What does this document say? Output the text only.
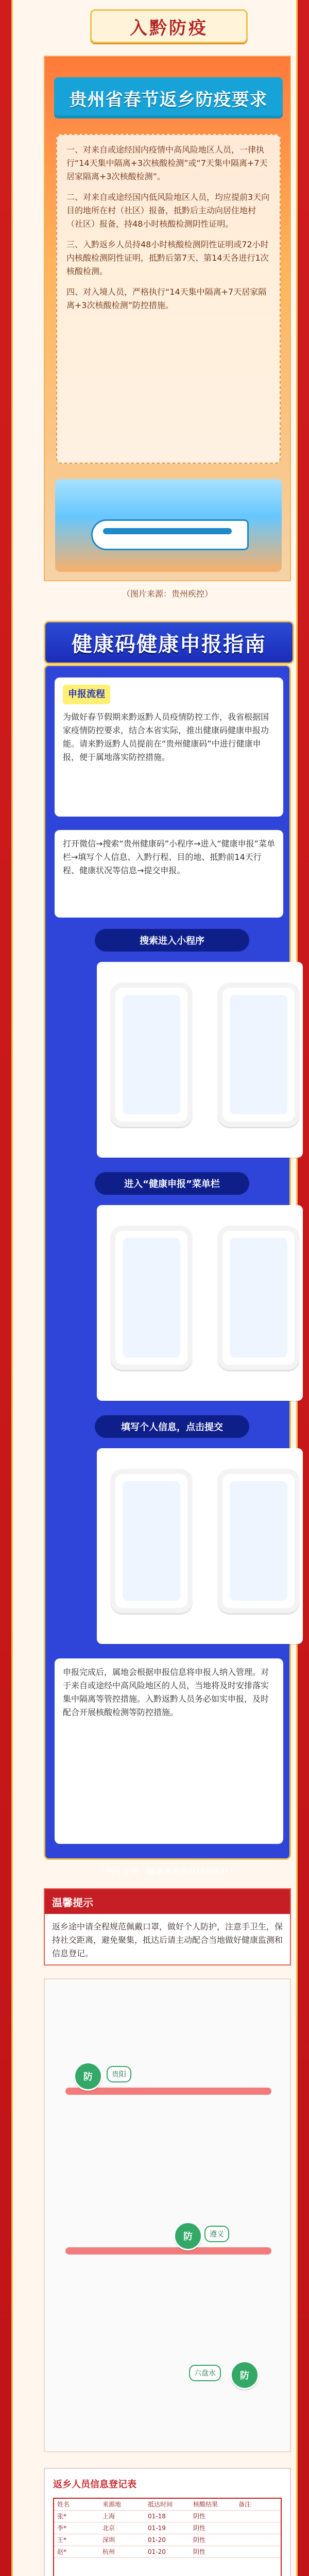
入黔防疫
贵州省春节返乡防疫要求

一、对来自或途经国内疫情中高风险地区人员，一律执行“14天集中隔离+3次核酸检测”或“7天集中隔离+7天居家隔离+3次核酸检测”。

二、对来自或途经国内低风险地区人员，均应提前3天向目的地所在村（社区）报备，抵黔后主动向居住地村（社区）报备，持48小时核酸检测阴性证明。

三、入黔返乡人员持48小时核酸检测阴性证明或72小时内核酸检测阴性证明，抵黔后第7天、第14天各进行1次核酸检测。

四、对入境人员，严格执行“14天集中隔离+7天居家隔离+3次核酸检测”防控措施。

（图片来源：贵州疾控）
健康码健康申报指南
申报流程
为做好春节假期来黔返黔人员疫情防控工作，我省根据国家疫情防控要求，结合本省实际，推出健康码健康申报功能。请来黔返黔人员提前在“贵州健康码”中进行健康申报，便于属地落实防控措施。
打开微信→搜索“贵州健康码”小程序→进入“健康申报”菜单栏→填写个人信息、入黔行程、目的地、抵黔前14天行程、健康状况等信息→提交申报。
搜索进入小程序
进入“健康申报”菜单栏
填写个人信息，点击提交
申报完成后，属地会根据申报信息将申报人纳入管理。对于来自或途经中高风险地区的人员，当地将及时安排落实集中隔离等管控措施。入黔返黔人员务必如实申报，及时配合开展核酸检测等防控措施。
（图片来源：健康教育所材料制作科）
温馨提示
返乡途中请全程规范佩戴口罩，做好个人防护，注意手卫生，保持社交距离，避免聚集，抵达后请主动配合当地做好健康监测和信息登记。
防
防
防
贵阳
遵义
六盘水
返乡人员信息登记表
姓名	来源地	抵达时间	核酸结果	备注
张*	上海	01-18	阴性
李*	北京	01-19	阴性
王*	深圳	01-20	阴性
赵*	杭州	01-20	阴性
